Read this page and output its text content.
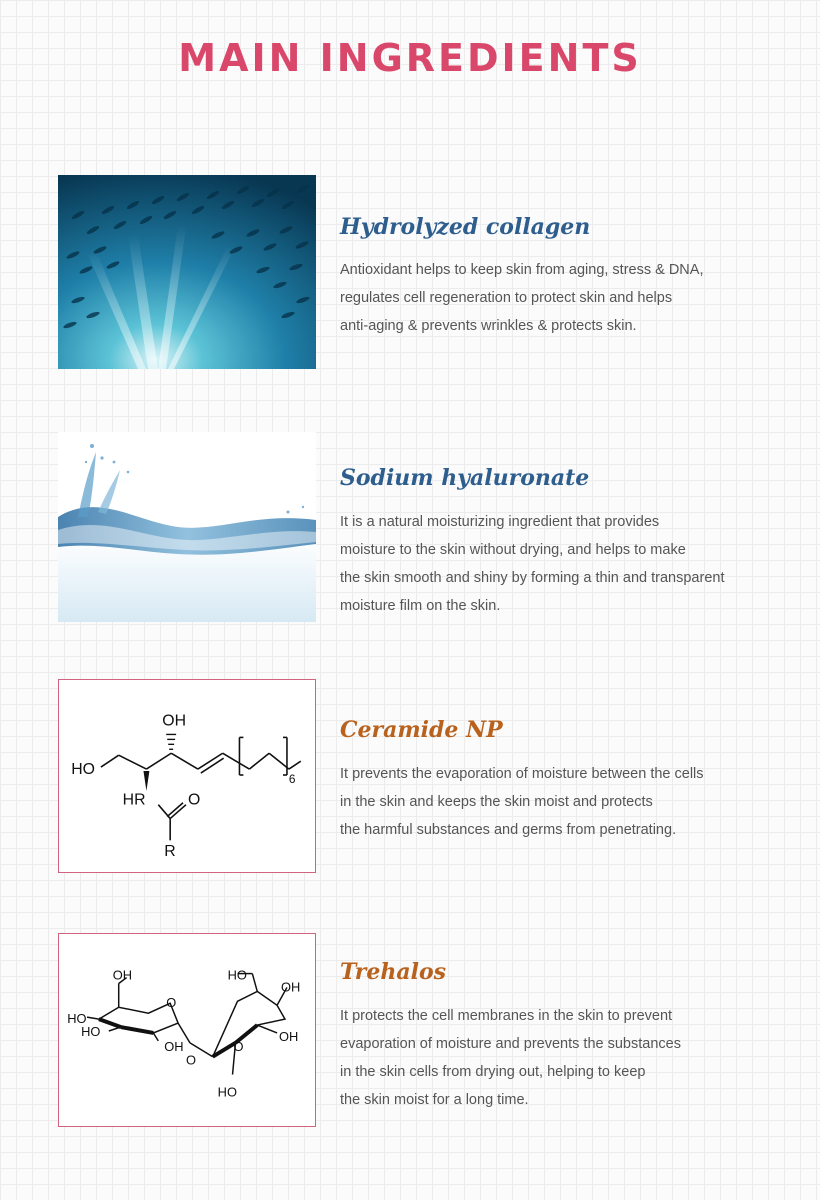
MAIN INGREDIENTS
Hydrolyzed collagen

Antioxidant helps to keep skin from aging, stress & DNA,
regulates cell regeneration to protect skin and helps
anti-aging & prevents wrinkles & protects skin.

Sodium hyaluronate

It is a natural moisturizing ingredient that provides
moisture to the skin without drying, and helps to make
the skin smooth and shiny by forming a thin and transparent
moisture film on the skin.

OH
HO
HR	O
R
6
Ceramide NP

It prevents the evaporation of moisture between the cells
in the skin and keeps the skin moist and protects
the harmful substances and germs from penetrating.

OH
HO
HO
OH
O
O
O
HO
OH
OH
HO
Trehalos

It protects the cell membranes in the skin to prevent
evaporation of moisture and prevents the substances
in the skin cells from drying out, helping to keep
the skin moist for a long time.
